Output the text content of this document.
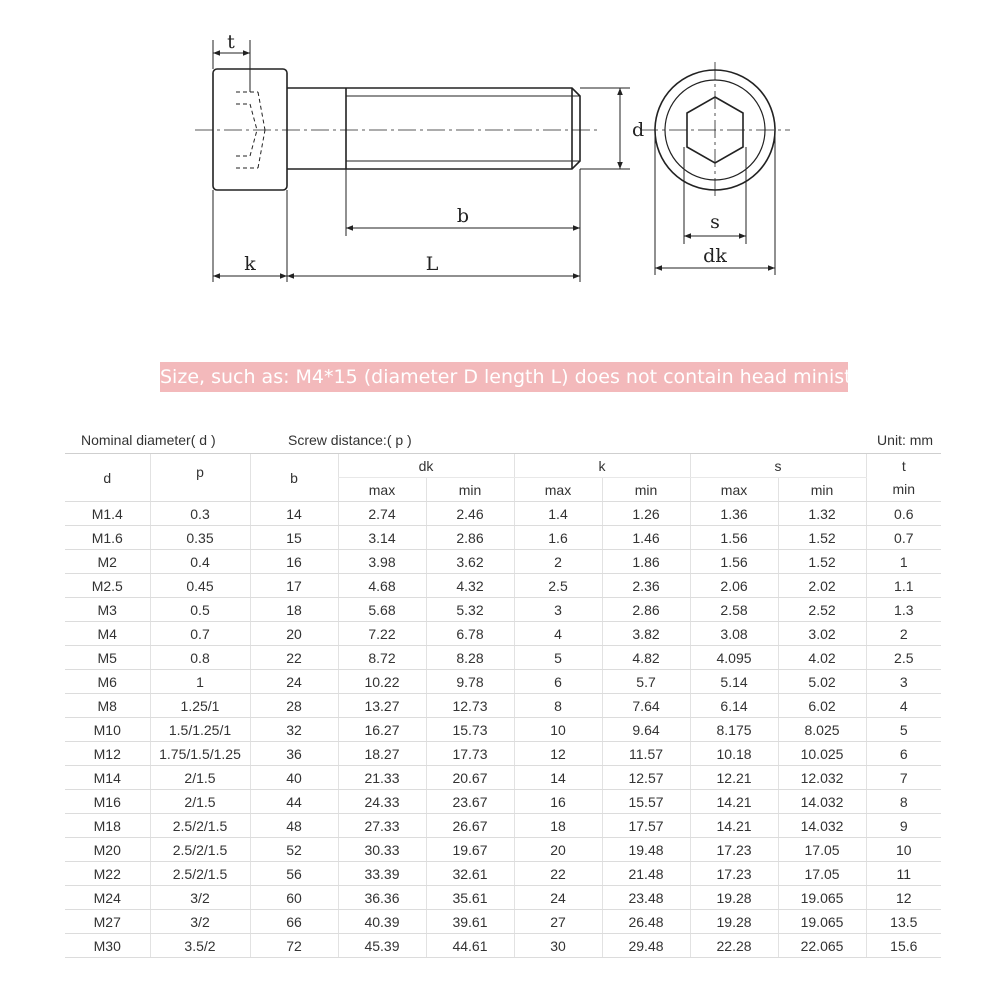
t
d
b
k	L
s
dk
Size, such as: M4*15 (diameter D length L) does not contain head minister
Nominal diameter( d )	Screw distance:( p )	Unit: mm
d	p	b	dk	k	s	t
max	min	max	min	max	min	min
M1.4	0.3	14	2.74	2.46	1.4	1.26	1.36	1.32	0.6
M1.6	0.35	15	3.14	2.86	1.6	1.46	1.56	1.52	0.7
M2	0.4	16	3.98	3.62	2	1.86	1.56	1.52	1
M2.5	0.45	17	4.68	4.32	2.5	2.36	2.06	2.02	1.1
M3	0.5	18	5.68	5.32	3	2.86	2.58	2.52	1.3
M4	0.7	20	7.22	6.78	4	3.82	3.08	3.02	2
M5	0.8	22	8.72	8.28	5	4.82	4.095	4.02	2.5
M6	1	24	10.22	9.78	6	5.7	5.14	5.02	3
M8	1.25/1	28	13.27	12.73	8	7.64	6.14	6.02	4
M10	1.5/1.25/1	32	16.27	15.73	10	9.64	8.175	8.025	5
M12	1.75/1.5/1.25	36	18.27	17.73	12	11.57	10.18	10.025	6
M14	2/1.5	40	21.33	20.67	14	12.57	12.21	12.032	7
M16	2/1.5	44	24.33	23.67	16	15.57	14.21	14.032	8
M18	2.5/2/1.5	48	27.33	26.67	18	17.57	14.21	14.032	9
M20	2.5/2/1.5	52	30.33	19.67	20	19.48	17.23	17.05	10
M22	2.5/2/1.5	56	33.39	32.61	22	21.48	17.23	17.05	11
M24	3/2	60	36.36	35.61	24	23.48	19.28	19.065	12
M27	3/2	66	40.39	39.61	27	26.48	19.28	19.065	13.5
M30	3.5/2	72	45.39	44.61	30	29.48	22.28	22.065	15.6
